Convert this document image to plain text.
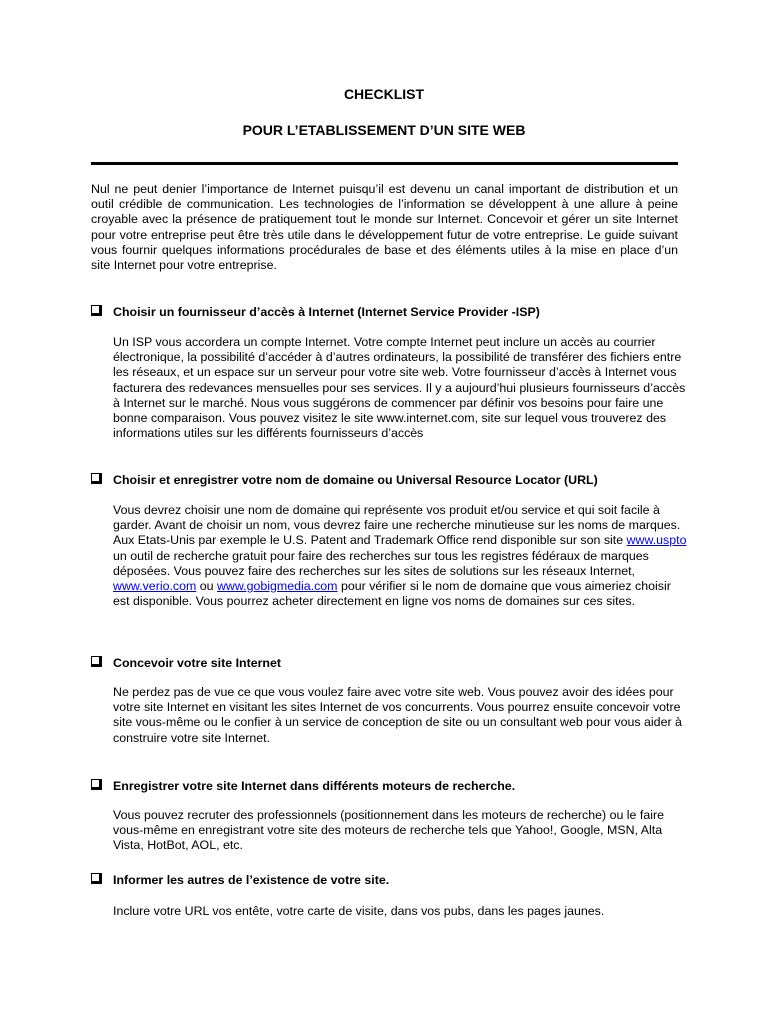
CHECKLIST
POUR L’ETABLISSEMENT D’UN SITE WEB

Nul ne peut denier l’importance de Internet puisqu’il est devenu un canal important de distribution et un outil crédible de communication. Les technologies de l’information se développent à une allure à peine croyable avec la présence de pratiquement tout le monde sur Internet. Concevoir et gérer un site Internet pour votre entreprise peut être très utile dans le développement futur de votre entreprise. Le guide suivant vous fournir quelques informations procédurales de base et des éléments utiles à la mise en place d’un site Internet pour votre entreprise.

Choisir un fournisseur d’accès à Internet (Internet Service Provider -ISP)

Un ISP vous accordera un compte Internet. Votre compte Internet peut inclure un accès au courrier électronique, la possibilité d’accéder à d’autres ordinateurs, la possibilité de transférer des fichiers entre les réseaux, et un espace sur un serveur pour votre site web. Votre fournisseur d’accès à Internet vous facturera des redevances mensuelles pour ses services. Il y a aujourd’hui plusieurs fournisseurs d’accès à Internet sur le marché. Nous vous suggérons de commencer par définir vos besoins pour faire une bonne comparaison. Vous pouvez visitez le site www.internet.com, site sur lequel vous trouverez des informations utiles sur les différents fournisseurs d’accès

Choisir et enregistrer votre nom de domaine ou Universal Resource Locator (URL)

Vous devrez choisir une nom de domaine qui représente vos produit et/ou service et qui soit facile à garder. Avant de choisir un nom, vous devrez faire une recherche minutieuse sur les noms de marques. Aux Etats-Unis par exemple le U.S. Patent and Trademark Office rend disponible sur son site www.uspto un outil de recherche gratuit pour faire des recherches sur tous les registres fédéraux de marques déposées. Vous pouvez faire des recherches sur les sites de solutions sur les réseaux Internet, www.verio.com ou www.gobigmedia.com pour vérifier si le nom de domaine que vous aimeriez choisir est disponible. Vous pourrez acheter directement en ligne vos noms de domaines sur ces sites.

Concevoir votre site Internet

Ne perdez pas de vue ce que vous voulez faire avec votre site web. Vous pouvez avoir des idées pour votre site Internet en visitant les sites Internet de vos concurrents. Vous pourrez ensuite concevoir votre site vous-même ou le confier à un service de conception de site ou un consultant web pour vous aider à construire votre site Internet.

Enregistrer votre site Internet dans différents moteurs de recherche.

Vous pouvez recruter des professionnels (positionnement dans les moteurs de recherche) ou le faire vous-même en enregistrant votre site des moteurs de recherche tels que Yahoo!, Google, MSN, Alta Vista, HotBot, AOL, etc.

Informer les autres de l’existence de votre site.

Inclure votre URL vos entête, votre carte de visite, dans vos pubs, dans les pages jaunes.
